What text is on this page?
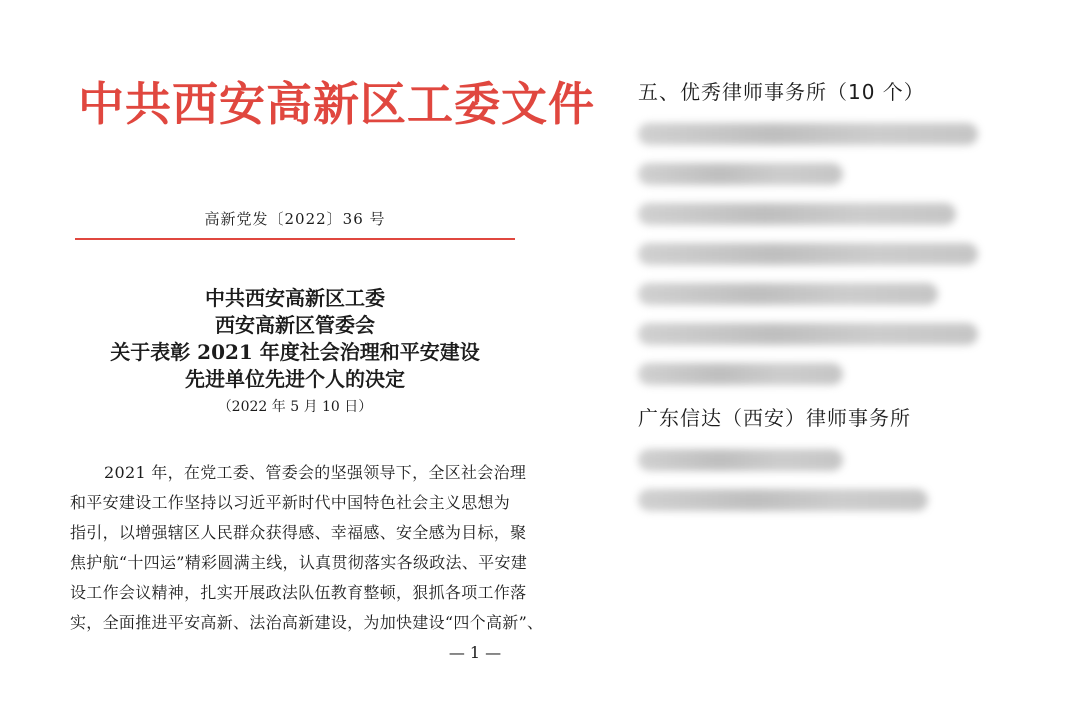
中共西安高新区工委文件
高新党发〔2022〕36 号
中共西安高新区工委
西安高新区管委会
关于表彰 2021 年度社会治理和平安建设
先进单位先进个人的决定
（2022 年 5 月 10 日）
2021 年，在党工委、管委会的坚强领导下，全区社会治理
和平安建设工作坚持以习近平新时代中国特色社会主义思想为
指引，以增强辖区人民群众获得感、幸福感、安全感为目标，聚
焦护航“十四运”精彩圆满主线，认真贯彻落实各级政法、平安建
设工作会议精神，扎实开展政法队伍教育整顿，狠抓各项工作落
实，全面推进平安高新、法治高新建设，为加快建设“四个高新”、
— 1 —
五、优秀律师事务所（10 个）
广东信达（西安）律师事务所
